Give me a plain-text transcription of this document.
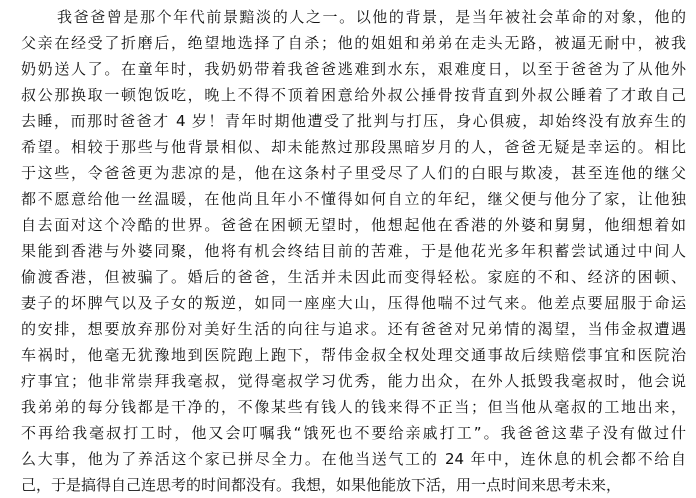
我爸爸曾是那个年代前景黯淡的人之一。以他的背景，是当年被社会革命的对象，他的
父亲在经受了折磨后，绝望地选择了自杀；他的姐姐和弟弟在走头无路，被逼无耐中，被我
奶奶送人了。在童年时，我奶奶带着我爸爸逃难到水东，艰难度日，以至于爸爸为了从他外
叔公那换取一顿饱饭吃，晚上不得不顶着困意给外叔公捶骨按背直到外叔公睡着了才敢自己
去睡，而那时爸爸才 4 岁！青年时期他遭受了批判与打压，身心俱疲，却始终没有放弃生的
希望。相较于那些与他背景相似、却未能熬过那段黑暗岁月的人，爸爸无疑是幸运的。相比
于这些，令爸爸更为悲凉的是，他在这条村子里受尽了人们的白眼与欺凌，甚至连他的继父
都不愿意给他一丝温暖，在他尚且年小不懂得如何自立的年纪，继父便与他分了家，让他独
自去面对这个冷酷的世界。爸爸在困顿无望时，他想起他在香港的外婆和舅舅，他细想着如
果能到香港与外婆同聚，他将有机会终结目前的苦难，于是他花光多年积蓄尝试通过中间人
偷渡香港，但被骗了。婚后的爸爸，生活并未因此而变得轻松。家庭的不和、经济的困顿、
妻子的坏脾气以及子女的叛逆，如同一座座大山，压得他喘不过气来。他差点要屈服于命运
的安排，想要放弃那份对美好生活的向往与追求。还有爸爸对兄弟情的渴望，当伟金叔遭遇
车祸时，他毫无犹豫地到医院跑上跑下，帮伟金叔全权处理交通事故后续赔偿事宜和医院治
疗事宜；他非常崇拜我毫叔，觉得毫叔学习优秀，能力出众，在外人抵毁我毫叔时，他会说
我弟弟的每分钱都是干净的，不像某些有钱人的钱来得不正当；但当他从毫叔的工地出来，
不再给我毫叔打工时，他又会叮嘱我“饿死也不要给亲戚打工”。我爸爸这辈子没有做过什
么大事，他为了养活这个家已拼尽全力。在他当送气工的 24 年中，连休息的机会都不给自
己，于是搞得自己连思考的时间都没有。我想，如果他能放下活，用一点时间来思考未来，
